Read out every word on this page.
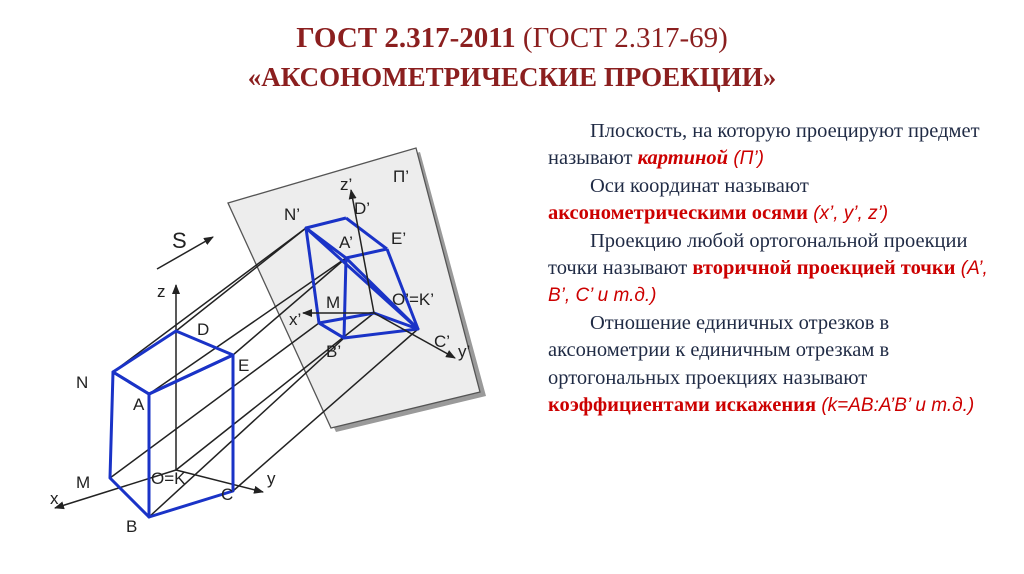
ГОСТ 2.317-2011 (ГОСТ 2.317-69)
«АКСОНОМЕТРИЧЕСКИЕ ПРОЕКЦИИ»
П’
S
z
x
y
N
A
D
E
M
B
C
O=K
z’
x’
y’
N’
A’
D’
E’
M
B’
C’
O’=K’

Плоскость, на которую проецируют предмет называют картиной (П’)

Оси координат называют аксонометрическими осями (x’, y’, z’)

Проекцию любой ортогональной проекции точки называют вторичной проекцией точки (А’, В’, С’ и т.д.)

Отношение единичных отрезков в аксонометрии к единичным отрезкам в ортогональных проекциях называют коэффициентами искажения (k=АВ:А’В’ и т.д.)
